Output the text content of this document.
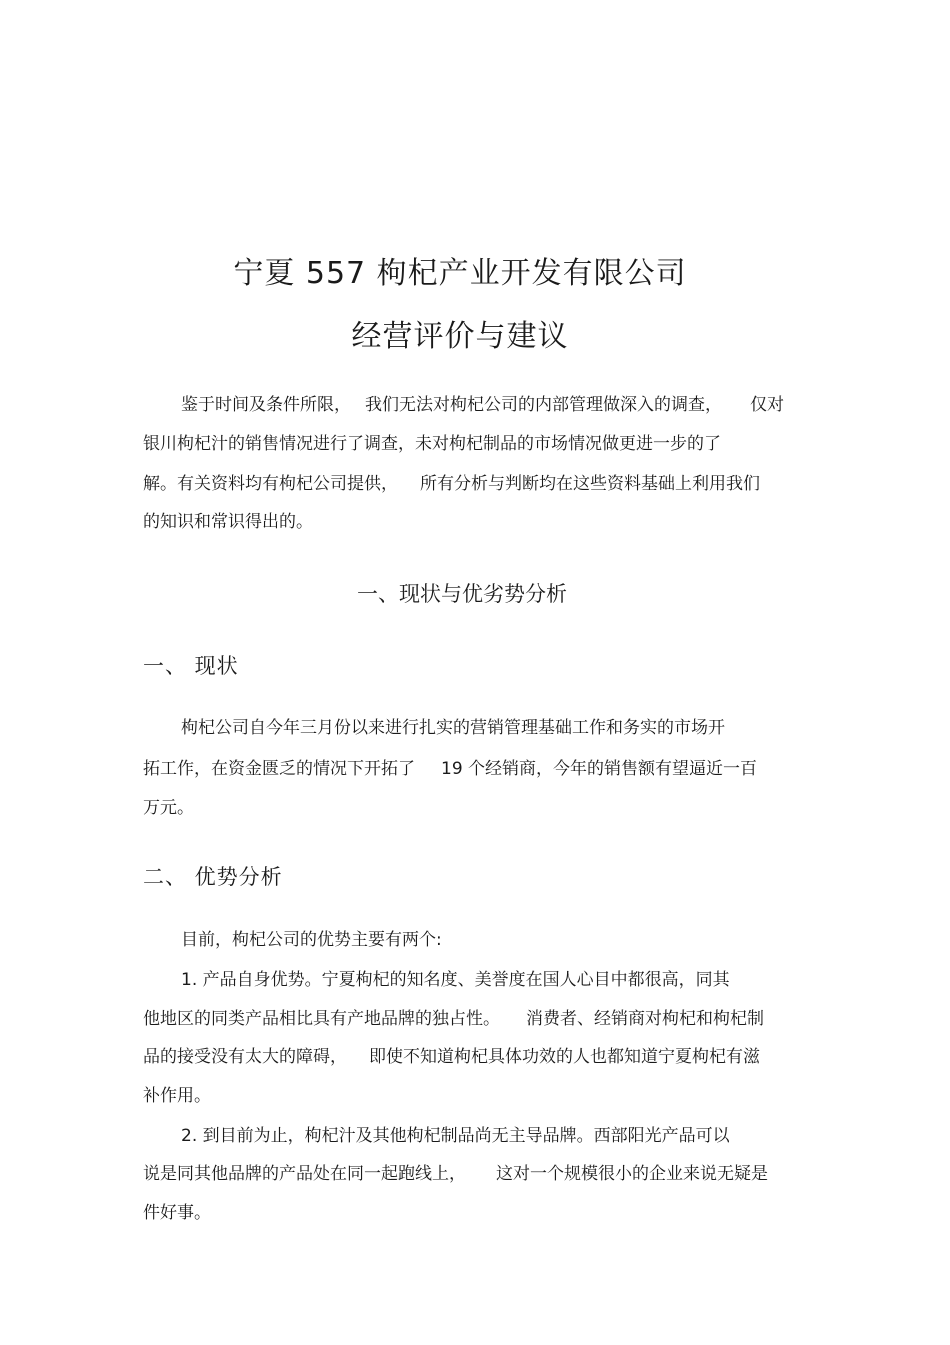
宁夏 557 枸杞产业开发有限公司
经营评价与建议
鉴于时间及条件所限， 我们无法对枸杞公司的内部管理做深入的调查， 仅对
银川枸杞汁的销售情况进行了调查，未对枸杞制品的市场情况做更进一步的了
解。有关资料均有枸杞公司提供， 所有分析与判断均在这些资料基础上利用我们
的知识和常识得出的。
一、现状与优劣势分析
一、 现状
枸杞公司自今年三月份以来进行扎实的营销管理基础工作和务实的市场开
拓工作，在资金匮乏的情况下开拓了 19 个经销商，今年的销售额有望逼近一百
万元。
二、 优势分析
目前，枸杞公司的优势主要有两个:
1. 产品自身优势。宁夏枸杞的知名度、美誉度在国人心目中都很高，同其
他地区的同类产品相比具有产地品牌的独占性。 消费者、经销商对枸杞和枸杞制
品的接受没有太大的障碍， 即使不知道枸杞具体功效的人也都知道宁夏枸杞有滋
补作用。
2. 到目前为止，枸杞汁及其他枸杞制品尚无主导品牌。西部阳光产品可以
说是同其他品牌的产品处在同一起跑线上， 这对一个规模很小的企业来说无疑是
件好事。
